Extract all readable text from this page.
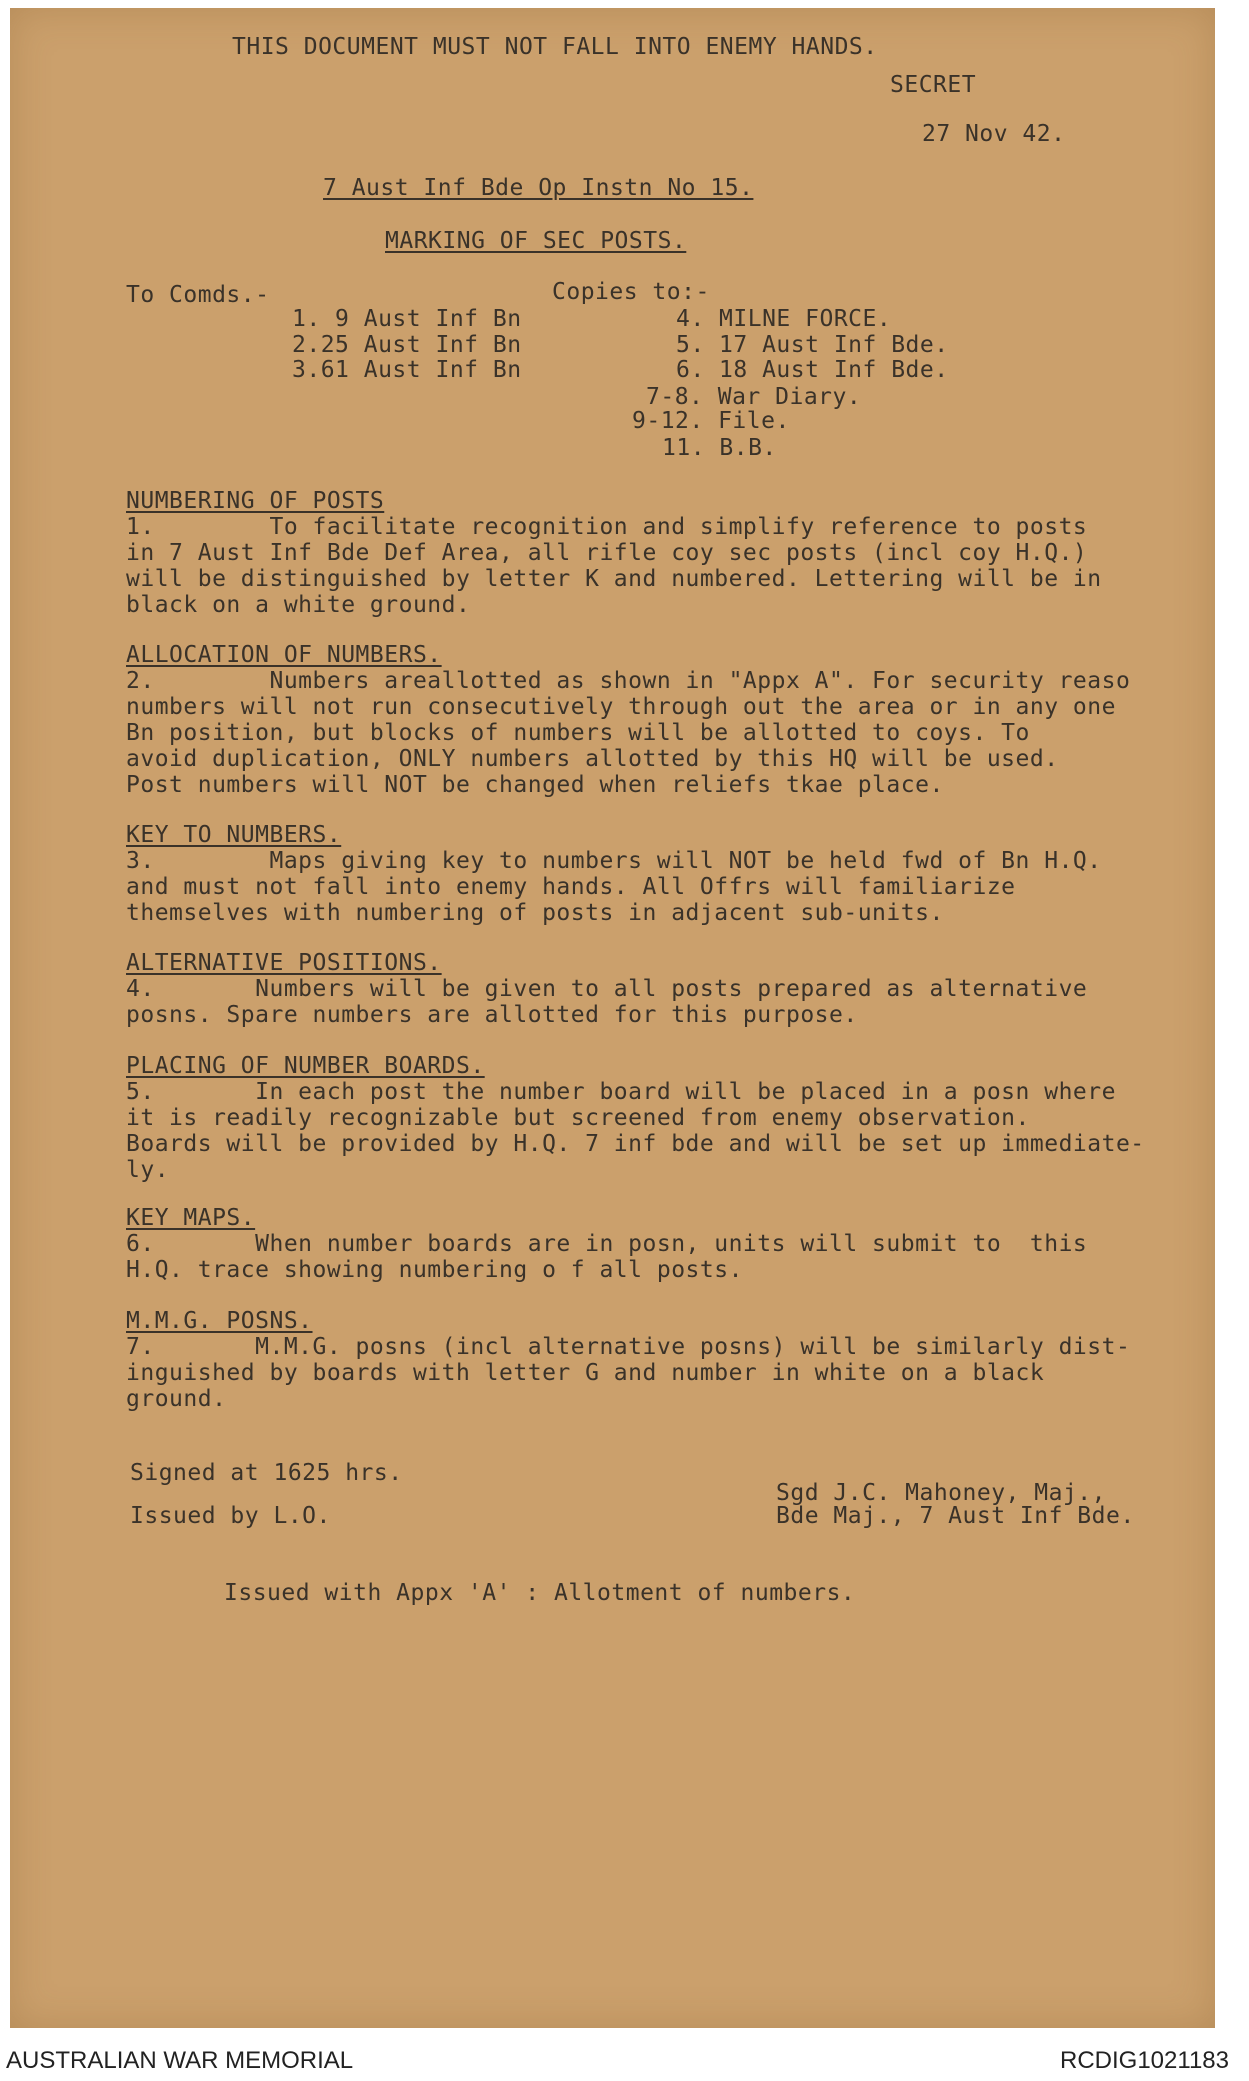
THIS DOCUMENT MUST NOT FALL INTO ENEMY HANDS.
SECRET
27 Nov 42.
7 Aust Inf Bde Op Instn No 15.
MARKING OF SEC POSTS.
To Comds.-
1. 9 Aust Inf Bn
2.25 Aust Inf Bn
3.61 Aust Inf Bn
Copies to:-
4. MILNE FORCE.
5. 17 Aust Inf Bde.
6. 18 Aust Inf Bde.
7-8. War Diary.
9-12. File.
11. B.B.
NUMBERING OF POSTS
1.        To facilitate recognition and simplify reference to posts
in 7 Aust Inf Bde Def Area, all rifle coy sec posts (incl coy H.Q.)
will be distinguished by letter K and numbered. Lettering will be in
black on a white ground.
ALLOCATION OF NUMBERS.
2.        Numbers areallotted as shown in "Appx A". For security reaso
numbers will not run consecutively through out the area or in any one
Bn position, but blocks of numbers will be allotted to coys. To
avoid duplication, ONLY numbers allotted by this HQ will be used.
Post numbers will NOT be changed when reliefs tkae place.
KEY TO NUMBERS.
3.        Maps giving key to numbers will NOT be held fwd of Bn H.Q.
and must not fall into enemy hands. All Offrs will familiarize
themselves with numbering of posts in adjacent sub-units.
ALTERNATIVE POSITIONS.
4.       Numbers will be given to all posts prepared as alternative
posns. Spare numbers are allotted for this purpose.
PLACING OF NUMBER BOARDS.
5.       In each post the number board will be placed in a posn where
it is readily recognizable but screened from enemy observation.
Boards will be provided by H.Q. 7 inf bde and will be set up immediate-
ly.
KEY MAPS.
6.       When number boards are in posn, units will submit to  this
H.Q. trace showing numbering o f all posts.
M.M.G. POSNS.
7.       M.M.G. posns (incl alternative posns) will be similarly dist-
inguished by boards with letter G and number in white on a black
ground.
Signed at 1625 hrs.
Issued by L.O.
Sgd J.C. Mahoney, Maj.,
Bde Maj., 7 Aust Inf Bde.
Issued with Appx 'A' : Allotment of numbers.
AUSTRALIAN WAR MEMORIAL	RCDIG1021183
